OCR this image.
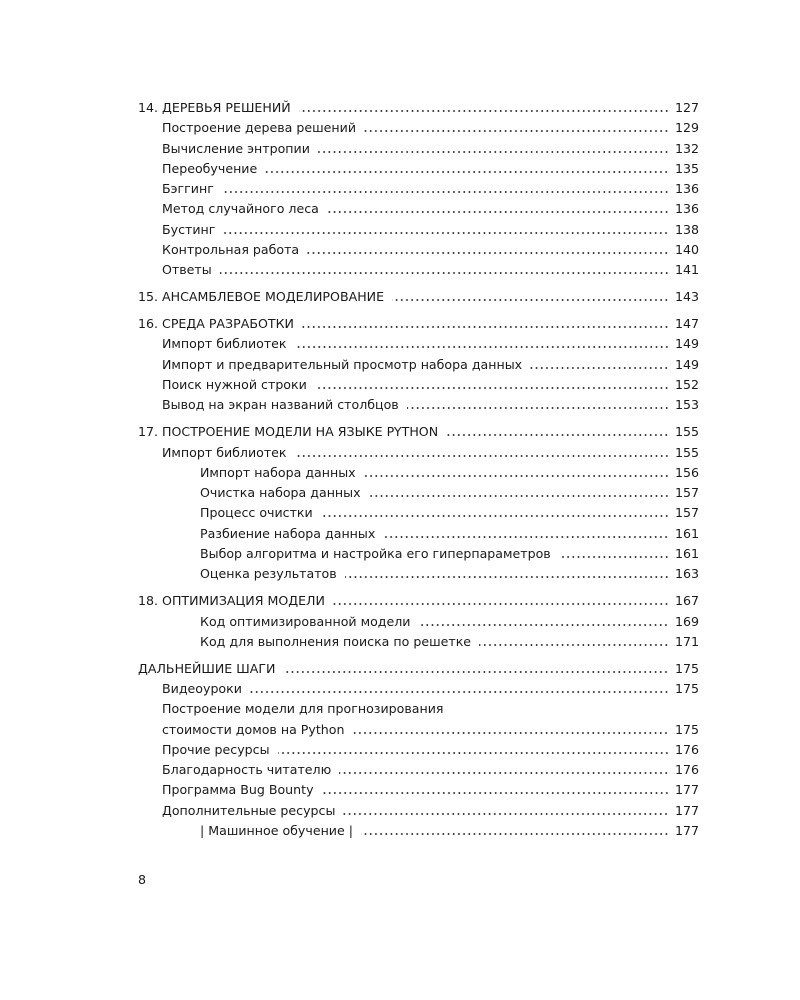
14. ДЕРЕВЬЯ РЕШЕНИЙ	127
Построение дерева решений	129
Вычисление энтропии	132
Переобучение	135
Бэггинг	136
Метод случайного леса	136
Бустинг	138
Контрольная работа	140
Ответы	141
15. АНСАМБЛЕВОЕ МОДЕЛИРОВАНИЕ	143
16. СРЕДА РАЗРАБОТКИ	147
Импорт библиотек	149
Импорт и предварительный просмотр набора данных	149
Поиск нужной строки	152
Вывод на экран названий столбцов	153
17. ПОСТРОЕНИЕ МОДЕЛИ НА ЯЗЫКЕ PYTHON	155
Импорт библиотек	155
Импорт набора данных	156
Очистка набора данных	157
Процесс очистки	157
Разбиение набора данных	161
Выбор алгоритма и настройка его гиперпараметров	161
Оценка результатов	163
18. ОПТИМИЗАЦИЯ МОДЕЛИ	167
Код оптимизированной модели	169
Код для выполнения поиска по решетке	171
ДАЛЬНЕЙШИЕ ШАГИ	175
Видеоуроки	175
Построение модели для прогнозирования
стоимости домов на Python	175
Прочие ресурсы	176
Благодарность читателю	176
Программа Bug Bounty	177
Дополнительные ресурсы	177
| Машинное обучение |	177
8
